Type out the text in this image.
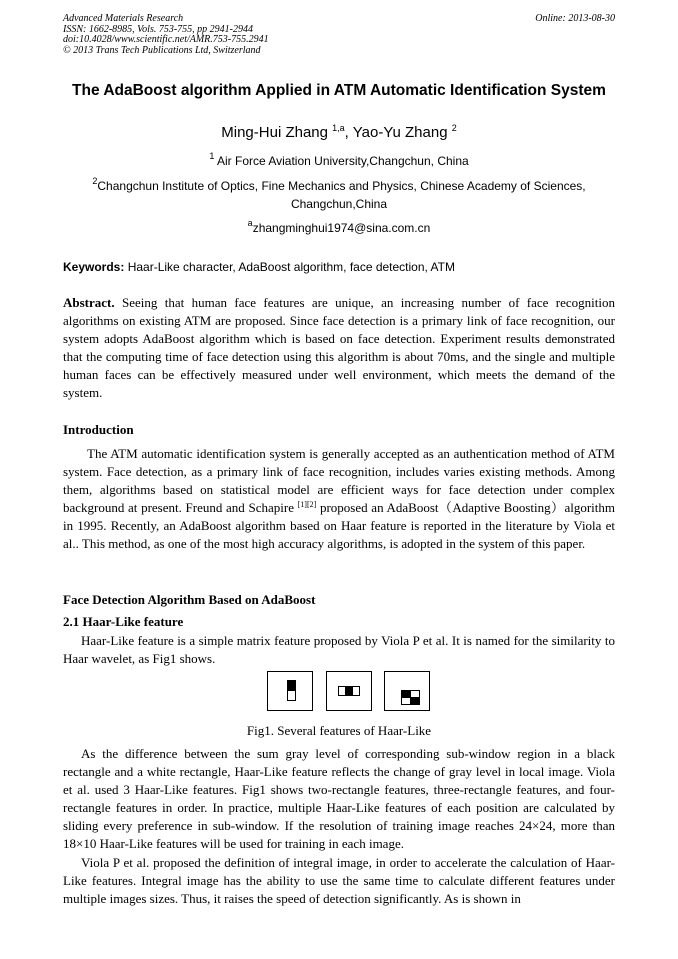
Advanced Materials Research
ISSN: 1662-8985, Vols. 753-755, pp 2941-2944
doi:10.4028/www.scientific.net/AMR.753-755.2941
© 2013 Trans Tech Publications Ltd, Switzerland
Online: 2013-08-30
The AdaBoost algorithm Applied in ATM Automatic Identification System
Ming-Hui Zhang $^{1,a}$, Yao-Yu Zhang $^2$
$^1$ Air Force Aviation University,Changchun, China
$^2$Changchun Institute of Optics, Fine Mechanics and Physics, Chinese Academy of Sciences,
Changchun,China
$^a$zhangminghui1974@sina.com.cn
Keywords: Haar-Like character, AdaBoost algorithm, face detection, ATM

Abstract. Seeing that human face features are unique, an increasing number of face recognition algorithms on existing ATM are proposed. Since face detection is a primary link of face recognition, our system adopts AdaBoost algorithm which is based on face detection. Experiment results demonstrated that the computing time of face detection using this algorithm is about 70ms, and the single and multiple human faces can be effectively measured under well environment, which meets the demand of the system.

Introduction

The ATM automatic identification system is generally accepted as an authentication method of ATM system. Face detection, as a primary link of face recognition, includes varies existing methods. Among them, algorithms based on statistical model are efficient ways for face detection under complex background at present. Freund and Schapire [1][2] proposed an AdaBoost（Adaptive Boosting）algorithm in 1995. Recently, an AdaBoost algorithm based on Haar feature is reported in the literature by Viola et al.. This method, as one of the most high accuracy algorithms, is adopted in the system of this paper.

Face Detection Algorithm Based on AdaBoost
2.1 Haar-Like feature

Haar-Like feature is a simple matrix feature proposed by Viola P et al. It is named for the similarity to Haar wavelet, as Fig1 shows.

Fig1. Several features of Haar-Like

As the difference between the sum gray level of corresponding sub-window region in a black rectangle and a white rectangle, Haar-Like feature reflects the change of gray level in local image. Viola et al. used 3 Haar-Like features. Fig1 shows two-rectangle features, three-rectangle features, and four-rectangle features in order. In practice, multiple Haar-Like features of each position are calculated by sliding every preference in sub-window. If the resolution of training image reaches 24×24, more than 18×10 Haar-Like features will be used for training in each image.

Viola P et al. proposed the definition of integral image, in order to accelerate the calculation of Haar-Like features. Integral image has the ability to use the same time to calculate different features under multiple images sizes. Thus, it raises the speed of detection significantly. As is shown in
